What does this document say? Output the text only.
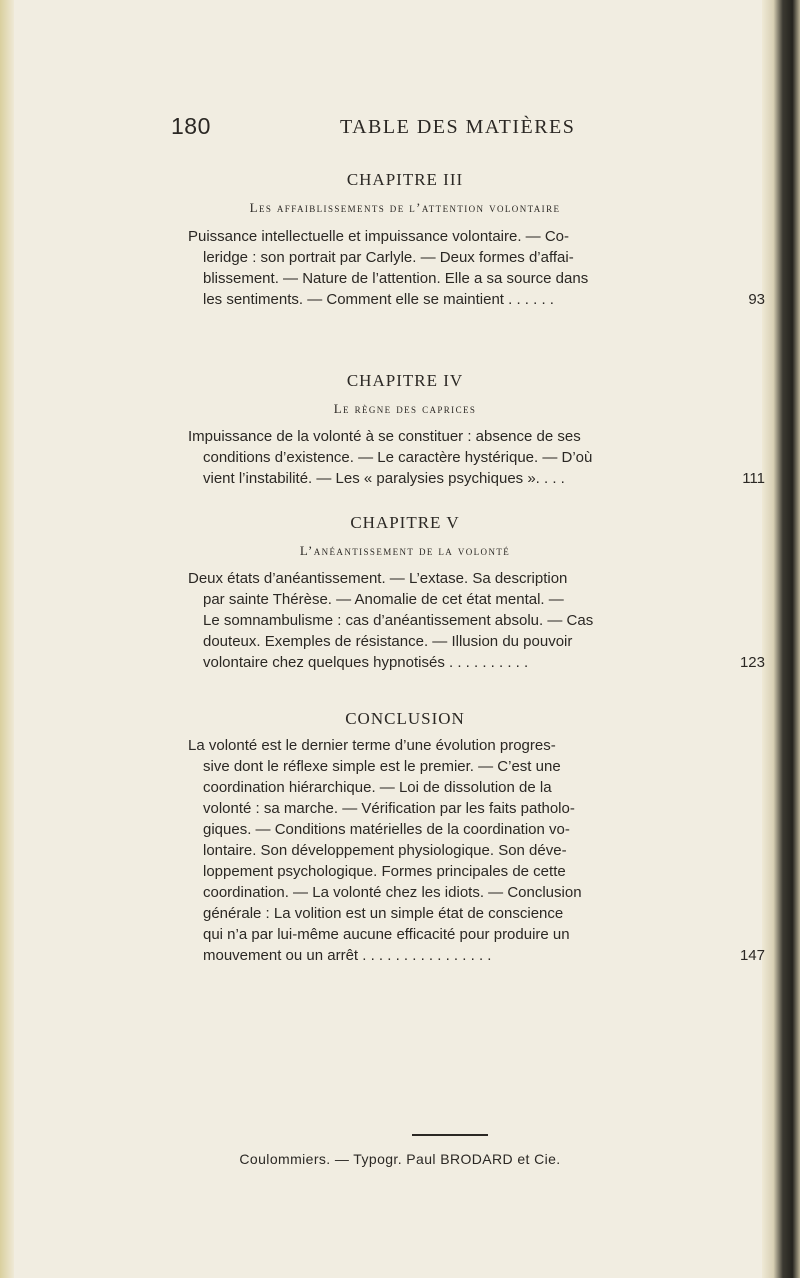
180	TABLE DES MATIÈRES
CHAPITRE III
Les affaiblissements de l’attention volontaire
Puissance intellectuelle et impuissance volontaire. — Co-
leridge : son portrait par Carlyle. — Deux formes d’affai-
blissement. — Nature de l’attention. Elle a sa source dans
les sentiments. — Comment elle se maintient . . . . . .	93
CHAPITRE IV
Le règne des caprices
Impuissance de la volonté à se constituer : absence de ses
conditions d’existence. — Le caractère hystérique. — D’où
vient l’instabilité. — Les « paralysies psychiques ». . . .	111
CHAPITRE V
L’anéantissement de la volonté
Deux états d’anéantissement. — L’extase. Sa description
par sainte Thérèse. — Anomalie de cet état mental. —
Le somnambulisme : cas d’anéantissement absolu. — Cas
douteux. Exemples de résistance. — Illusion du pouvoir
volontaire chez quelques hypnotisés . . . . . . . . . .	123
CONCLUSION
La volonté est le dernier terme d’une évolution progres-
sive dont le réflexe simple est le premier. — C’est une
coordination hiérarchique. — Loi de dissolution de la
volonté : sa marche. — Vérification par les faits patholo-
giques. — Conditions matérielles de la coordination vo-
lontaire. Son développement physiologique. Son déve-
loppement psychologique. Formes principales de cette
coordination. — La volonté chez les idiots. — Conclusion
générale : La volition est un simple état de conscience
qui n’a par lui-même aucune efficacité pour produire un
mouvement ou un arrêt . . . . . . . . . . . . . . . .	147
Coulommiers. — Typogr. Paul BRODARD et Cie.
